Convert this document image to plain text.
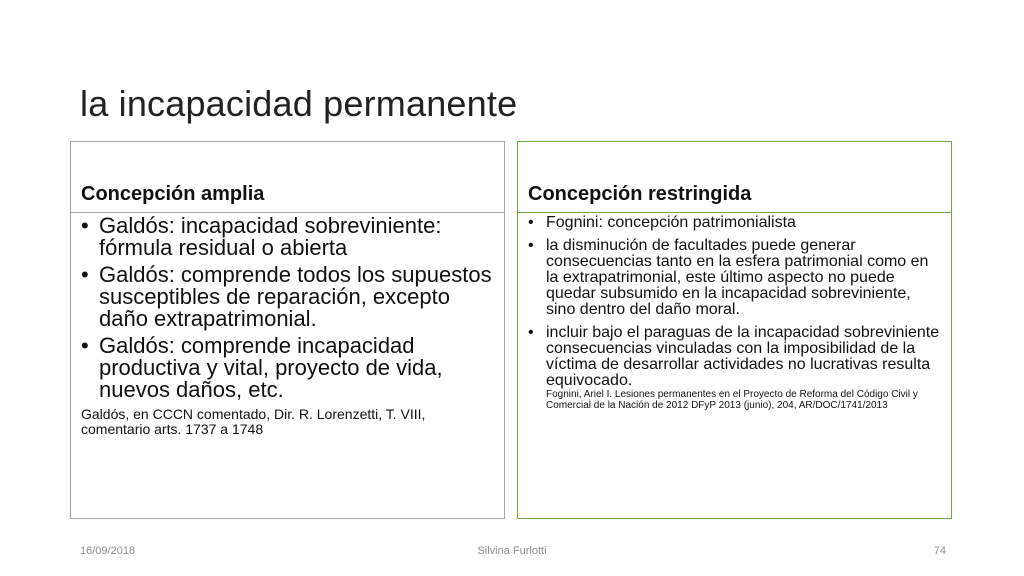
la incapacidad permanente
Concepción amplia
• Galdós: incapacidad sobreviniente: fórmula residual o abierta
• Galdós: comprende todos los supuestos susceptibles de reparación, excepto daño extrapatrimonial.
• Galdós: comprende incapacidad productiva y vital, proyecto de vida, nuevos daños, etc.
Galdós, en CCCN comentado, Dir. R. Lorenzetti, T. VIII, comentario arts. 1737 a 1748
Concepción restringida
• Fognini: concepción patrimonialista
• la disminución de facultades puede generar consecuencias tanto en la esfera patrimonial como en la extrapatrimonial, este último aspecto no puede quedar subsumido en la incapacidad sobreviniente, sino dentro del daño moral.
• incluir bajo el paraguas de la incapacidad sobreviniente consecuencias vinculadas con la imposibilidad de la víctima de desarrollar actividades no lucrativas resulta equivocado.
Fognini, Ariel I. Lesiones permanentes en el Proyecto de Reforma del Código Civil y Comercial de la Nación de 2012 DFyP 2013 (junio), 204, AR/DOC/1741/2013
16/09/2018	Silvina Furlotti	74
